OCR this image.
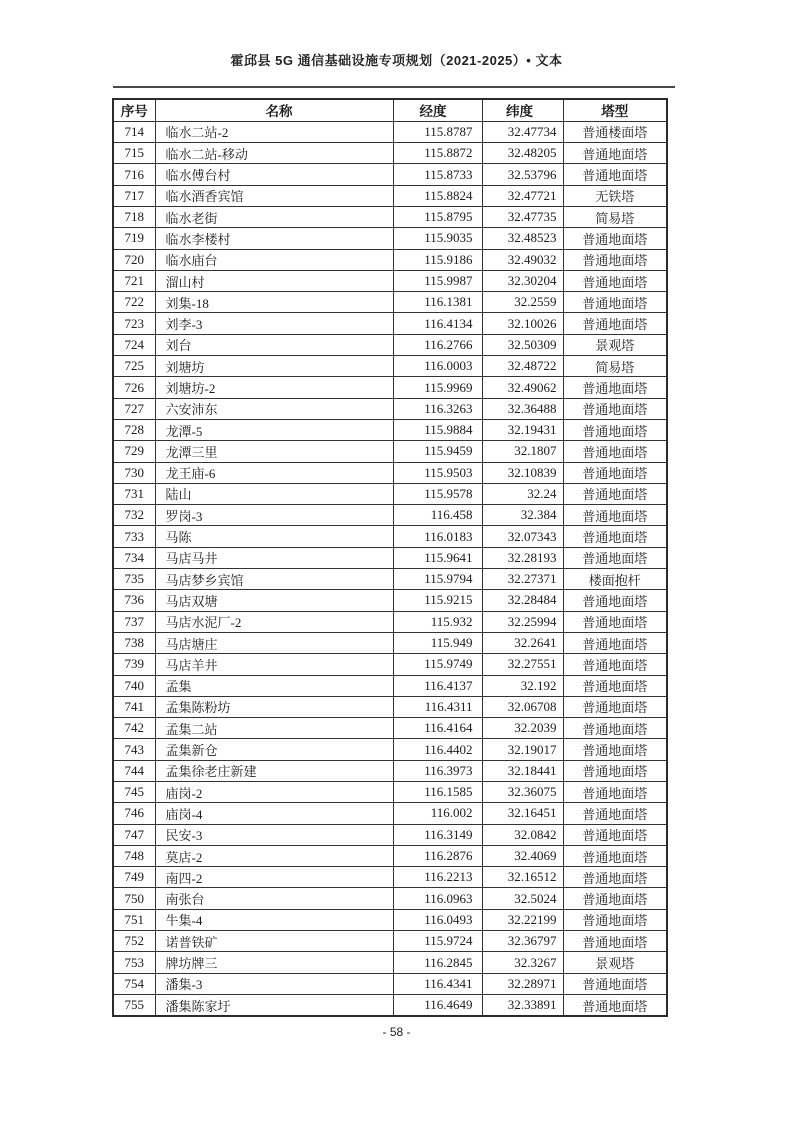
霍邱县 5G 通信基础设施专项规划（2021-2025）• 文本
序号	名称	经度	纬度	塔型
714	临水二站-2	115.8787	32.47734	普通楼面塔
715	临水二站-移动	115.8872	32.48205	普通地面塔
716	临水傅台村	115.8733	32.53796	普通地面塔
717	临水酒香宾馆	115.8824	32.47721	无铁塔
718	临水老街	115.8795	32.47735	简易塔
719	临水李楼村	115.9035	32.48523	普通地面塔
720	临水庙台	115.9186	32.49032	普通地面塔
721	溜山村	115.9987	32.30204	普通地面塔
722	刘集-18	116.1381	32.2559	普通地面塔
723	刘李-3	116.4134	32.10026	普通地面塔
724	刘台	116.2766	32.50309	景观塔
725	刘塘坊	116.0003	32.48722	简易塔
726	刘塘坊-2	115.9969	32.49062	普通地面塔
727	六安沛东	116.3263	32.36488	普通地面塔
728	龙潭-5	115.9884	32.19431	普通地面塔
729	龙潭三里	115.9459	32.1807	普通地面塔
730	龙王庙-6	115.9503	32.10839	普通地面塔
731	陆山	115.9578	32.24	普通地面塔
732	罗岗-3	116.458	32.384	普通地面塔
733	马陈	116.0183	32.07343	普通地面塔
734	马店马井	115.9641	32.28193	普通地面塔
735	马店梦乡宾馆	115.9794	32.27371	楼面抱杆
736	马店双塘	115.9215	32.28484	普通地面塔
737	马店水泥厂-2	115.932	32.25994	普通地面塔
738	马店塘庄	115.949	32.2641	普通地面塔
739	马店羊井	115.9749	32.27551	普通地面塔
740	孟集	116.4137	32.192	普通地面塔
741	孟集陈粉坊	116.4311	32.06708	普通地面塔
742	孟集二站	116.4164	32.2039	普通地面塔
743	孟集新仓	116.4402	32.19017	普通地面塔
744	孟集徐老庄新建	116.3973	32.18441	普通地面塔
745	庙岗-2	116.1585	32.36075	普通地面塔
746	庙岗-4	116.002	32.16451	普通地面塔
747	民安-3	116.3149	32.0842	普通地面塔
748	莫店-2	116.2876	32.4069	普通地面塔
749	南四-2	116.2213	32.16512	普通地面塔
750	南张台	116.0963	32.5024	普通地面塔
751	牛集-4	116.0493	32.22199	普通地面塔
752	诺普铁矿	115.9724	32.36797	普通地面塔
753	牌坊牌三	116.2845	32.3267	景观塔
754	潘集-3	116.4341	32.28971	普通地面塔
755	潘集陈家圩	116.4649	32.33891	普通地面塔
- 58 -
